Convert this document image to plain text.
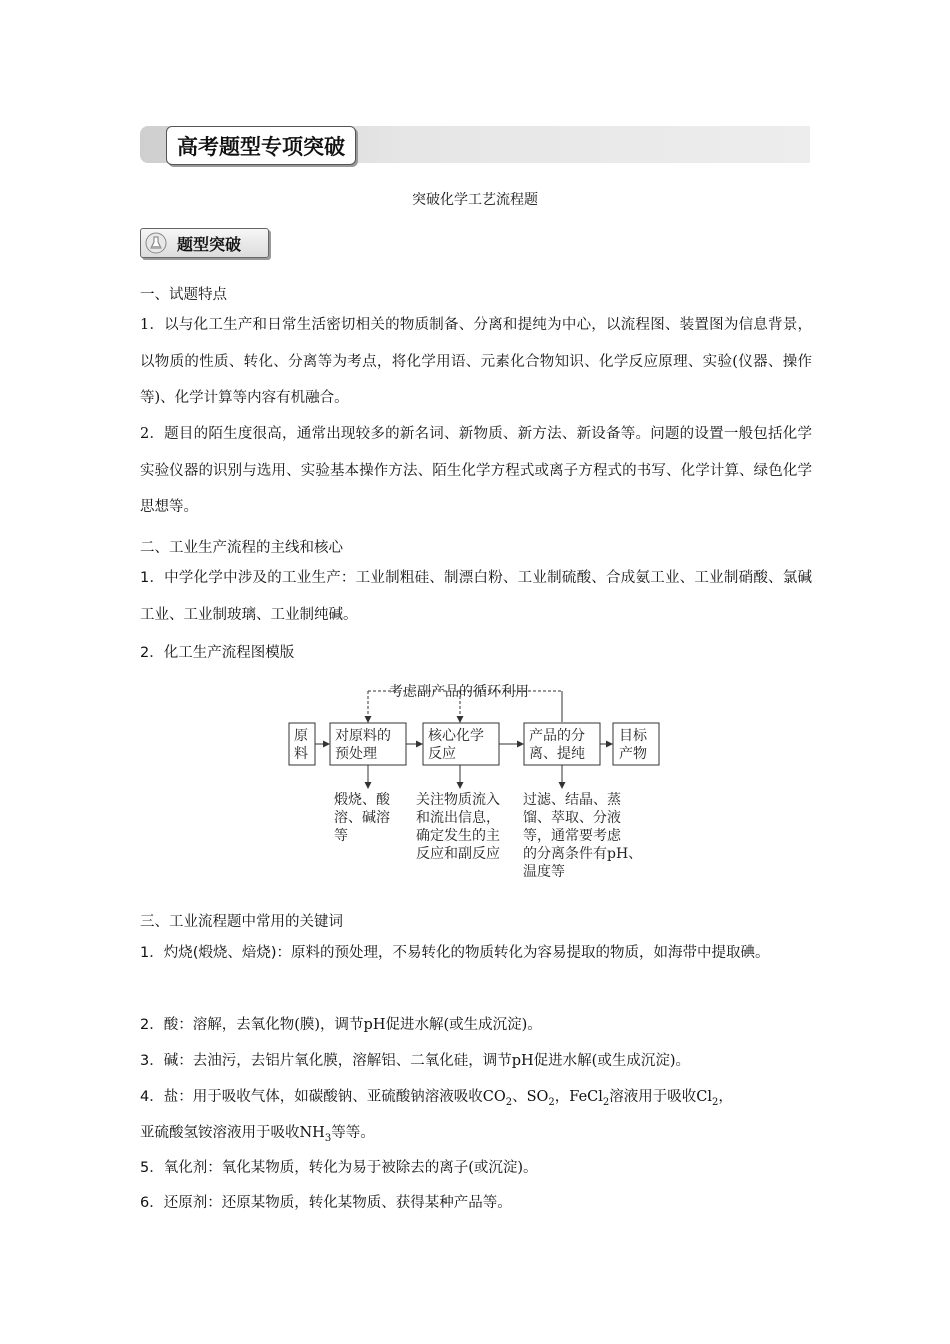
高考题型专项突破
突破化学工艺流程题
题型突破
一、试题特点
1．以与化工生产和日常生活密切相关的物质制备、分离和提纯为中心，以流程图、装置图为信息背景，以物质的性质、转化、分离等为考点，将化学用语、元素化合物知识、化学反应原理、实验(仪器、操作等)、化学计算等内容有机融合。
2．题目的陌生度很高，通常出现较多的新名词、新物质、新方法、新设备等。问题的设置一般包括化学实验仪器的识别与选用、实验基本操作方法、陌生化学方程式或离子方程式的书写、化学计算、绿色化学思想等。
二、工业生产流程的主线和核心
1．中学化学中涉及的工业生产：工业制粗硅、制漂白粉、工业制硫酸、合成氨工业、工业制硝酸、氯碱工业、工业制玻璃、工业制纯碱。
2．化工生产流程图模版
考虑副产品的循环利用
原
料
对原料的
预处理
核心化学
反应
产品的分
离、提纯
目标
产物
煅烧、酸
溶、碱溶
等
关注物质流入
和流出信息，
确定发生的主
反应和副反应
过滤、结晶、蒸
馏、萃取、分液
等，通常要考虑
的分离条件有pH、
温度等
三、工业流程题中常用的关键词
1．灼烧(煅烧、焙烧)：原料的预处理，不易转化的物质转化为容易提取的物质，如海带中提取碘。
2．酸：溶解，去氧化物(膜)，调节pH促进水解(或生成沉淀)。
3．碱：去油污，去铝片氧化膜，溶解铝、二氧化硅，调节pH促进水解(或生成沉淀)。
4．盐：用于吸收气体，如碳酸钠、亚硫酸钠溶液吸收$CO_2$、$SO_2$，FeCl$_2$溶液用于吸收$Cl_2$，
亚硫酸氢铵溶液用于吸收$NH_3$等等。
5．氧化剂：氧化某物质，转化为易于被除去的离子(或沉淀)。
6．还原剂：还原某物质，转化某物质、获得某种产品等。
